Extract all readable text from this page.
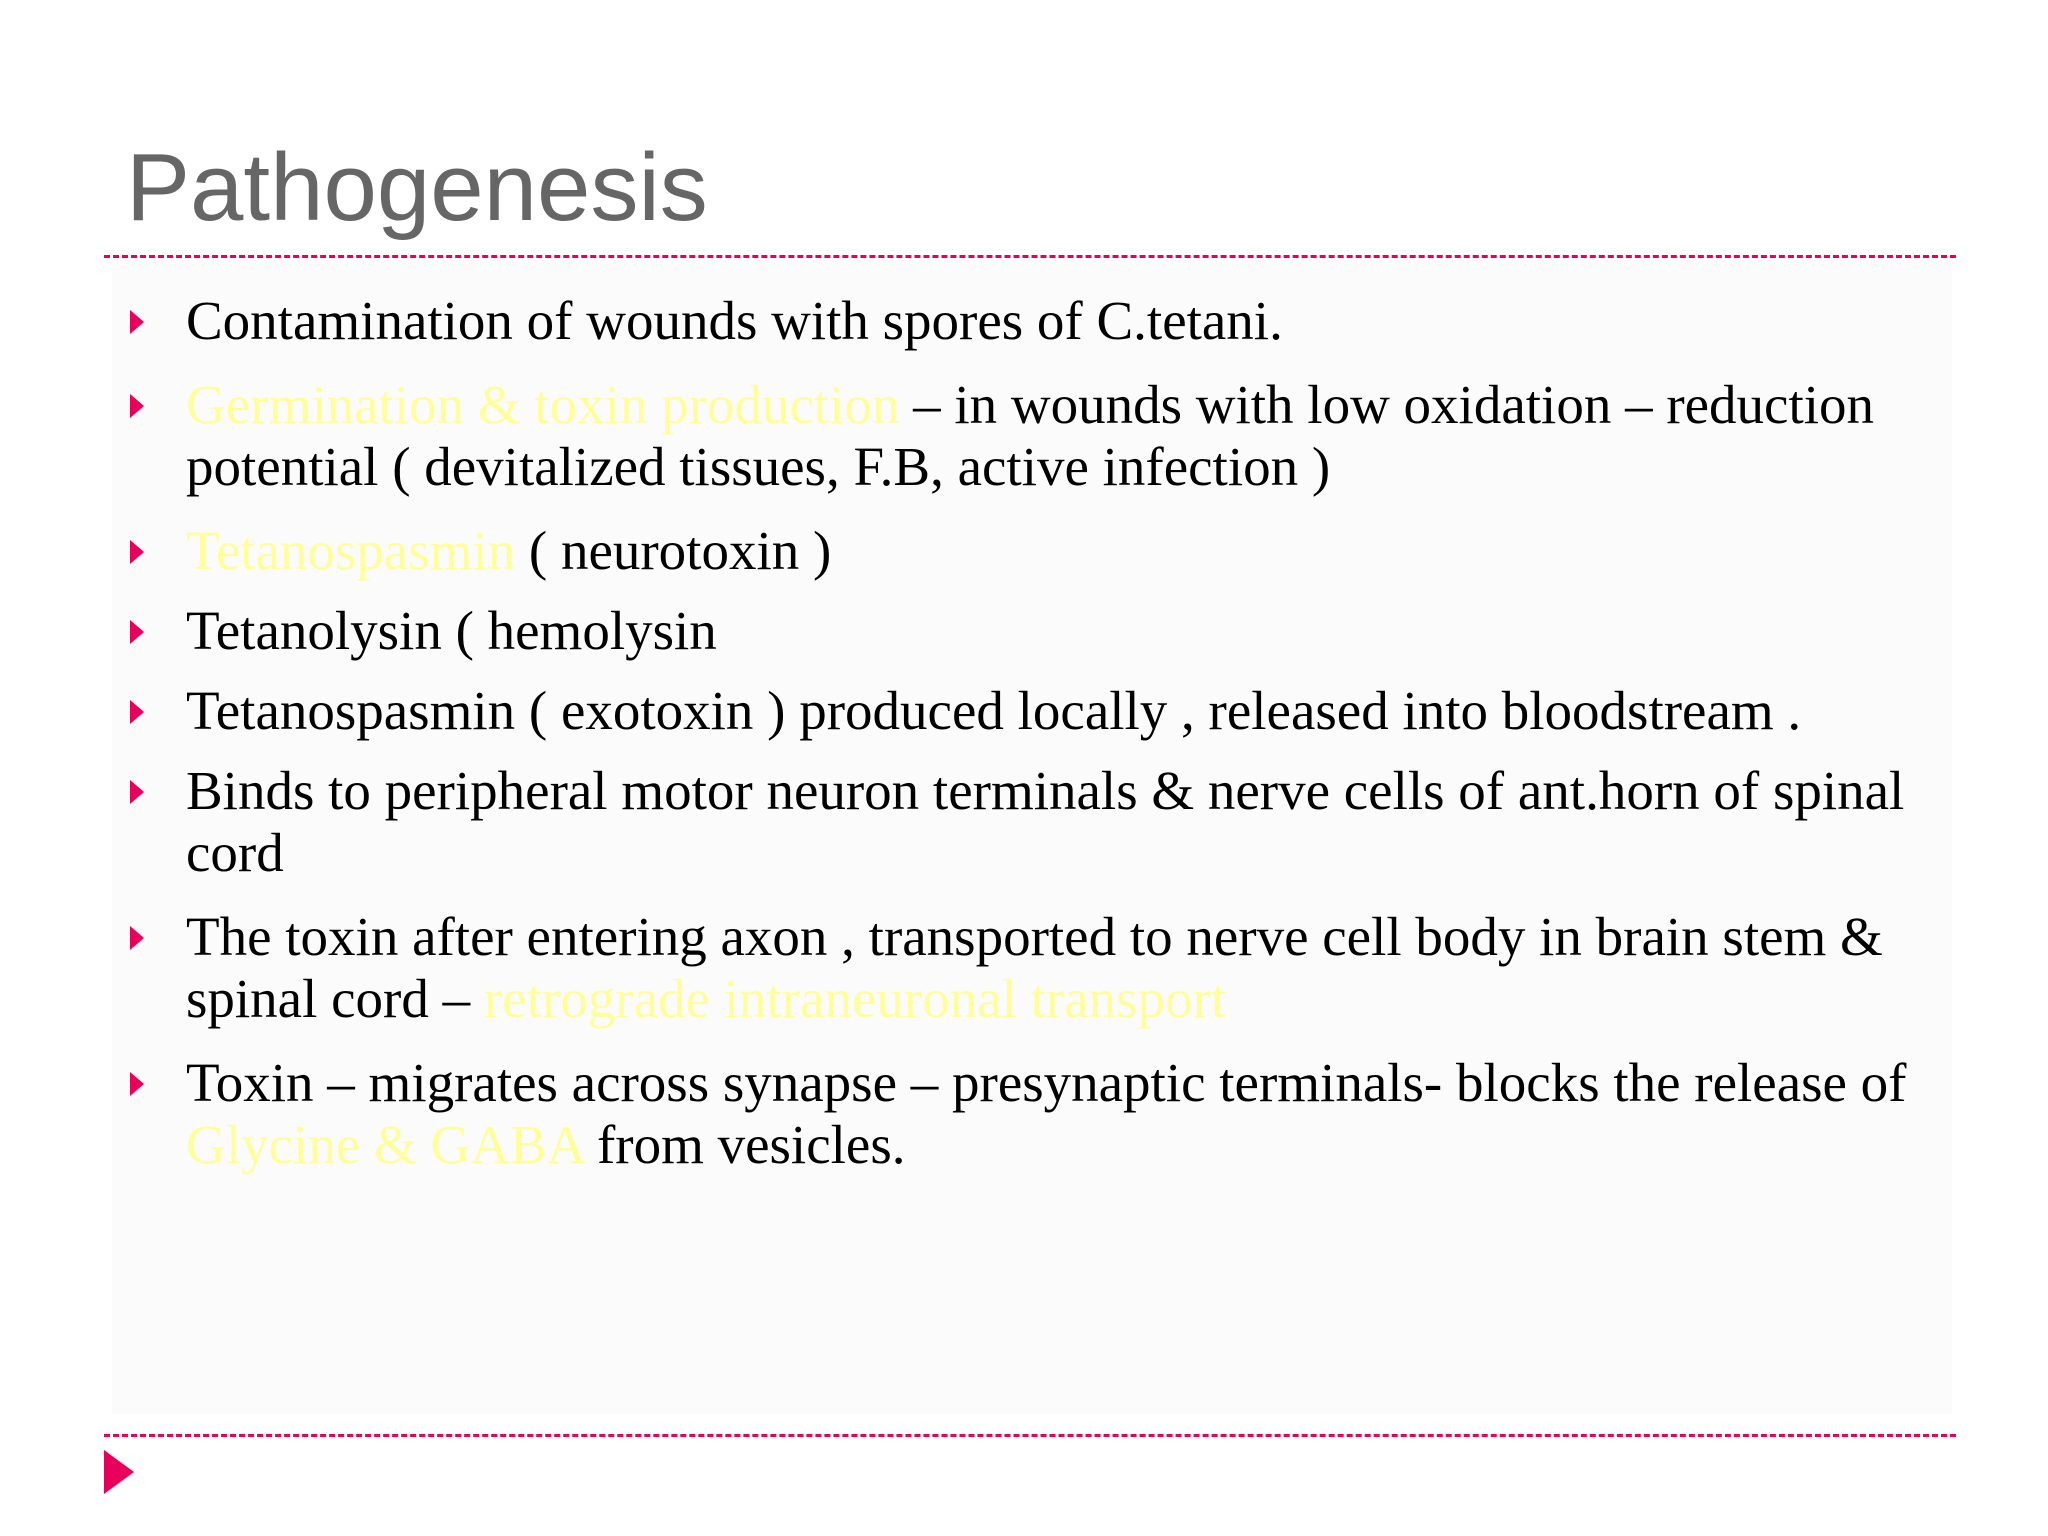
Pathogenesis
Contamination of wounds with spores of C.tetani.
Germination & toxin production – in wounds with low oxidation – reduction potential ( devitalized tissues, F.B, active infection )
Tetanospasmin ( neurotoxin )
Tetanolysin ( hemolysin
Tetanospasmin ( exotoxin ) produced locally , released into bloodstream .
Binds to peripheral motor neuron terminals & nerve cells of ant.horn of spinal cord
The toxin after entering axon , transported to nerve cell body in brain stem & spinal cord – retrograde intraneuronal transport
Toxin – migrates across synapse – presynaptic terminals- blocks the release of Glycine & GABA from vesicles.
